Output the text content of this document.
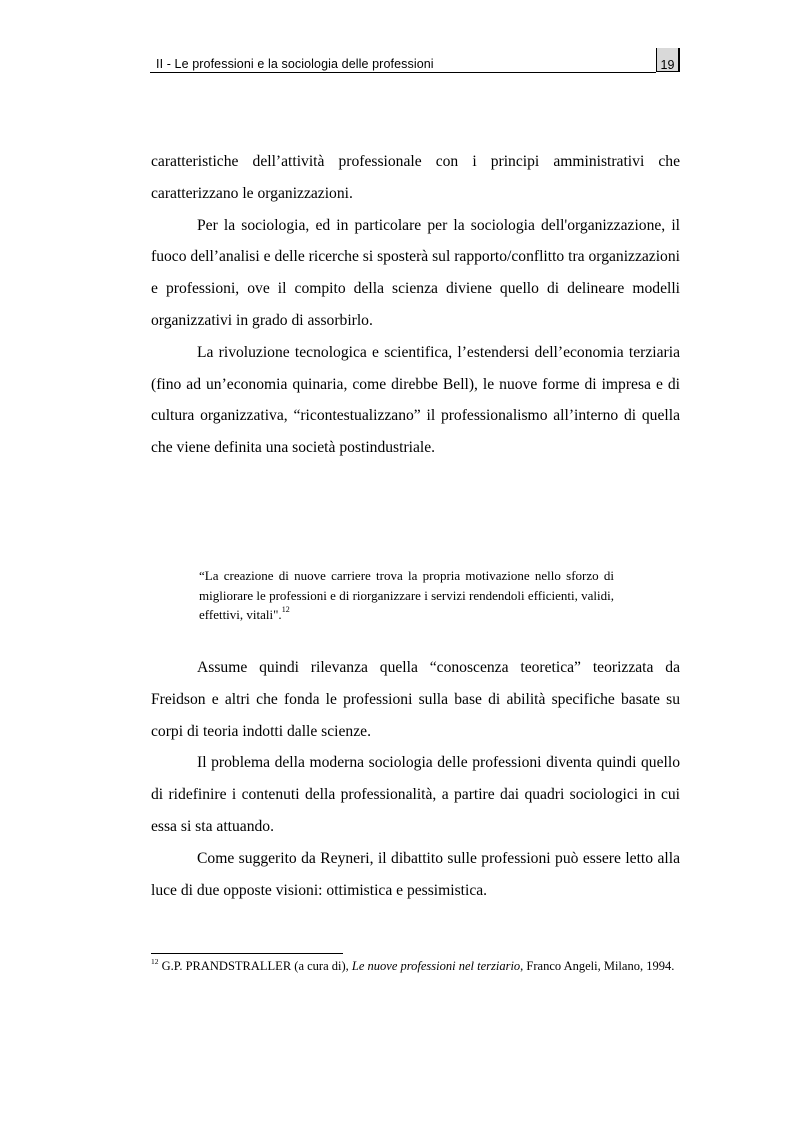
II - Le professioni e la sociologia delle professioni	19

caratteristiche dell’attività professionale con i principi amministrativi che caratterizzano le organizzazioni.

Per la sociologia, ed in particolare per la sociologia dell'organizzazione, il fuoco dell’analisi e delle ricerche si sposterà sul rapporto/conflitto tra organizzazioni e professioni, ove il compito della scienza diviene quello di delineare modelli organizzativi in grado di assorbirlo.

La rivoluzione tecnologica e scientifica, l’estendersi dell’economia terziaria (fino ad un’economia quinaria, come direbbe Bell), le nuove forme di impresa e di cultura organizzativa, “ricontestualizzano” il professionalismo all’interno di quella che viene definita una società postindustriale.

“La creazione di nuove carriere trova la propria motivazione nello sforzo di migliorare le professioni e di riorganizzare i servizi rendendoli efficienti, validi, effettivi, vitali".$^{12}$

Assume quindi rilevanza quella “conoscenza teoretica” teorizzata da Freidson e altri che fonda le professioni sulla base di abilità specifiche basate su corpi di teoria indotti dalle scienze.

Il problema della moderna sociologia delle professioni diventa quindi quello di ridefinire i contenuti della professionalità, a partire dai quadri sociologici in cui essa si sta attuando.

Come suggerito da Reyneri, il dibattito sulle professioni può essere letto alla luce di due opposte visioni: ottimistica e pessimistica.

$^{12}$ G.P. PRANDSTRALLER (a cura di), Le nuove professioni nel terziario, Franco Angeli, Milano, 1994.
